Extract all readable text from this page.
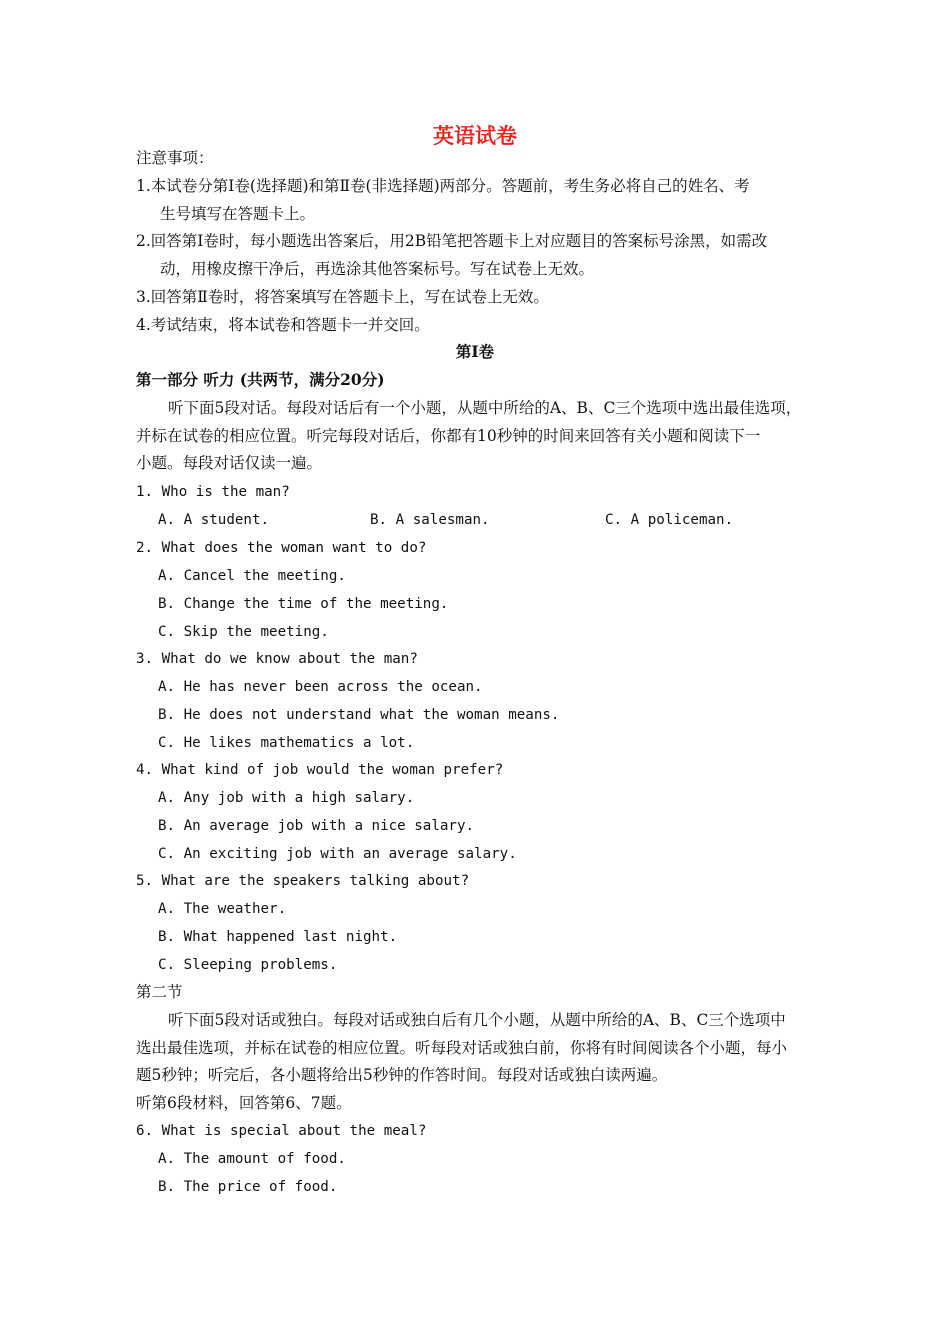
英语试卷
注意事项：
1.本试卷分第Ⅰ卷(选择题)和第Ⅱ卷(非选择题)两部分。答题前，考生务必将自己的姓名、考
生号填写在答题卡上。
2.回答第Ⅰ卷时，每小题选出答案后，用2B铅笔把答题卡上对应题目的答案标号涂黑，如需改
动，用橡皮擦干净后，再选涂其他答案标号。写在试卷上无效。
3.回答第Ⅱ卷时，将答案填写在答题卡上，写在试卷上无效。
4.考试结束，将本试卷和答题卡一并交回。
第Ⅰ卷
第一部分 听力 (共两节，满分20分)
听下面5段对话。每段对话后有一个小题，从题中所给的A、B、C三个选项中选出最佳选项，
并标在试卷的相应位置。听完每段对话后，你都有10秒钟的时间来回答有关小题和阅读下一
小题。每段对话仅读一遍。
1. Who is the man?
A. A student.	B. A salesman.	C. A policeman.
2. What does the woman want to do?
A. Cancel the meeting.
B. Change the time of the meeting.
C. Skip the meeting.
3. What do we know about the man?
A. He has never been across the ocean.
B. He does not understand what the woman means.
C. He likes mathematics a lot.
4. What kind of job would the woman prefer?
A. Any job with a high salary.
B. An average job with a nice salary.
C. An exciting job with an average salary.
5. What are the speakers talking about?
A. The weather.
B. What happened last night.
C. Sleeping problems.
第二节
听下面5段对话或独白。每段对话或独白后有几个小题，从题中所给的A、B、C三个选项中
选出最佳选项，并标在试卷的相应位置。听每段对话或独白前，你将有时间阅读各个小题，每小
题5秒钟；听完后，各小题将给出5秒钟的作答时间。每段对话或独白读两遍。
听第6段材料，回答第6、7题。
6. What is special about the meal?
A. The amount of food.
B. The price of food.
